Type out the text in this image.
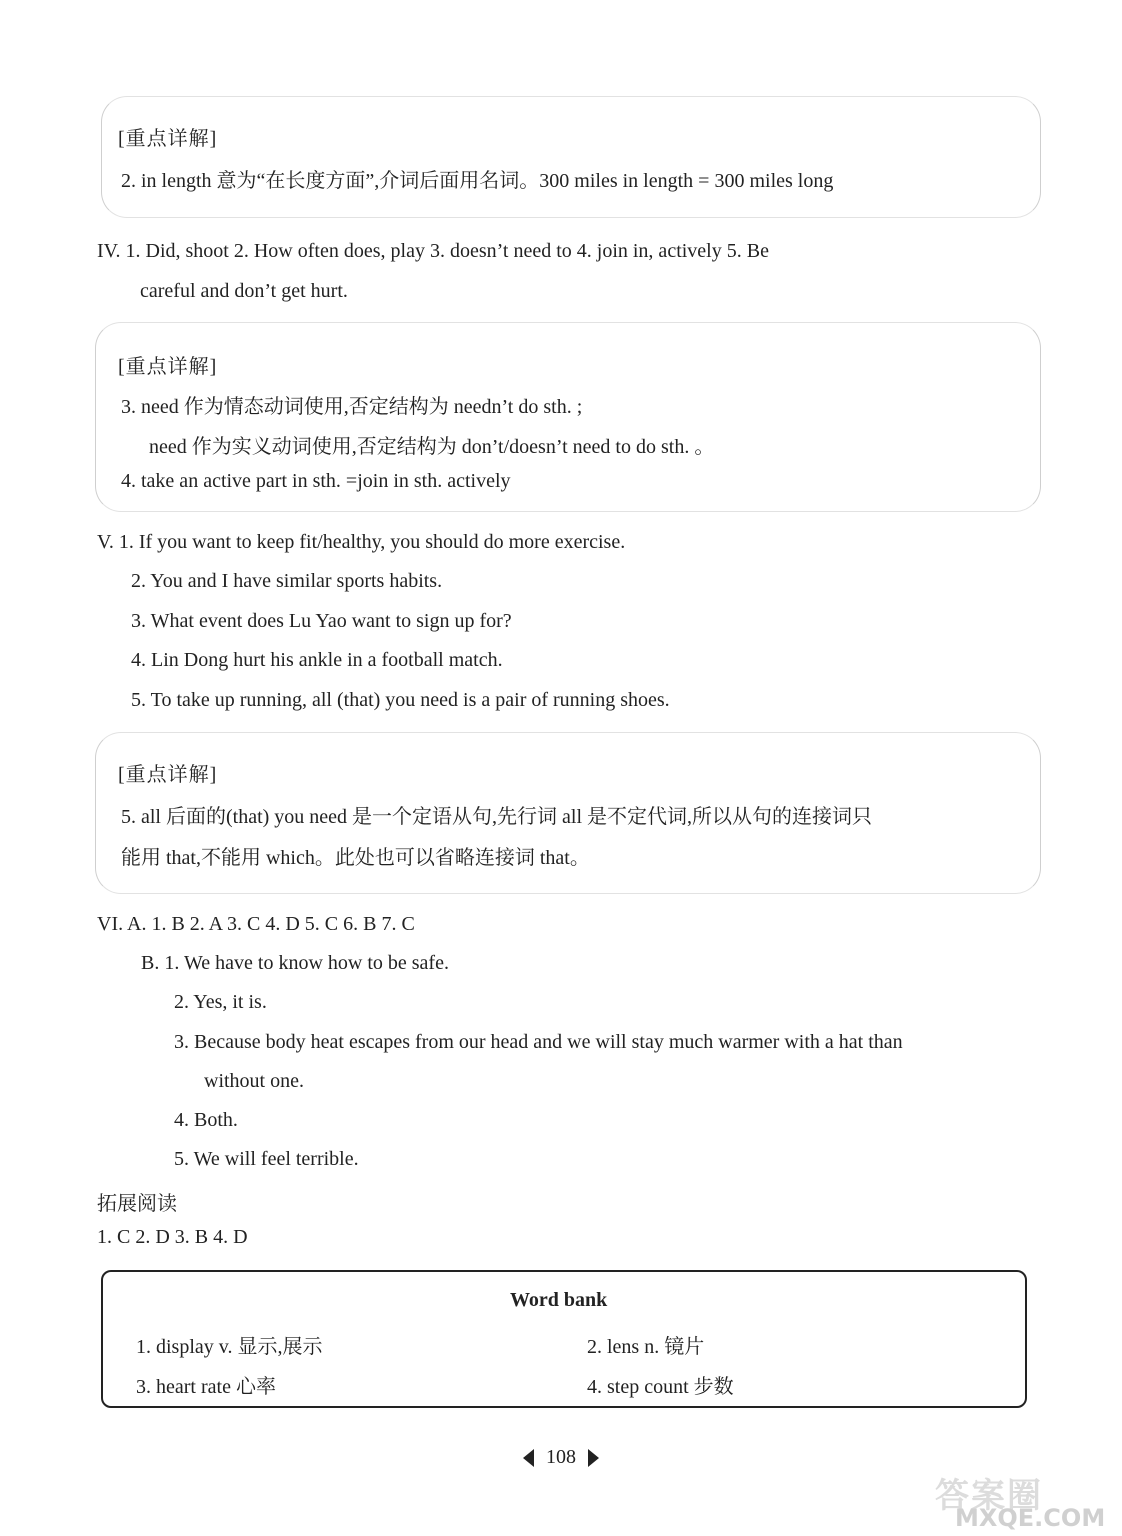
[重点详解]
2. in length 意为“在长度方面”,介词后面用名词。300 miles in length = 300 miles long
IV. 1. Did, shoot 2. How often does, play 3. doesn’t need to 4. join in, actively 5. Be
careful and don’t get hurt.
[重点详解]
3. need 作为情态动词使用,否定结构为 needn’t do sth. ;
need 作为实义动词使用,否定结构为 don’t/doesn’t need to do sth. 。
4. take an active part in sth. =join in sth. actively
V. 1. If you want to keep fit/healthy, you should do more exercise.
2. You and I have similar sports habits.
3. What event does Lu Yao want to sign up for?
4. Lin Dong hurt his ankle in a football match.
5. To take up running, all (that) you need is a pair of running shoes.
[重点详解]
5. all 后面的(that) you need 是一个定语从句,先行词 all 是不定代词,所以从句的连接词只
能用 that,不能用 which。此处也可以省略连接词 that。
VI. A. 1. B 2. A 3. C 4. D 5. C 6. B 7. C
B. 1. We have to know how to be safe.
2. Yes, it is.
3. Because body heat escapes from our head and we will stay much warmer with a hat than
without one.
4. Both.
5. We will feel terrible.
拓展阅读
1. C 2. D 3. B 4. D
Word bank
1. display v. 显示,展示	2. lens n. 镜片
3. heart rate 心率	4. step count 步数
108
答案圈
MXQE.COM
